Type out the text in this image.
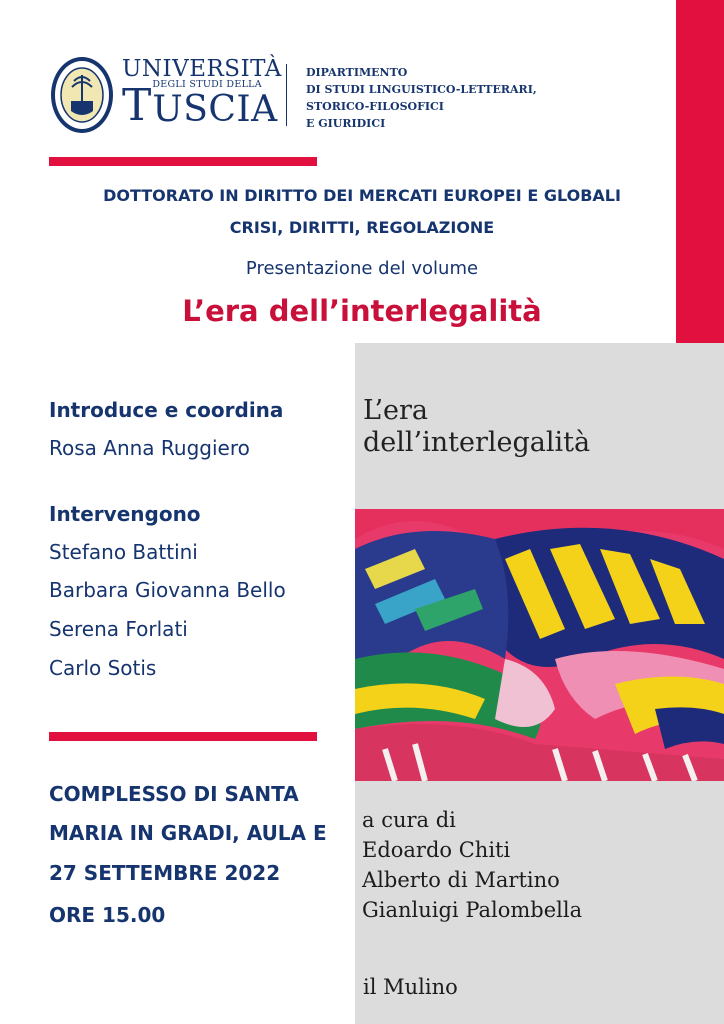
UNIVERSITÀ
T DEGLI STUDI DELLA
USCIA
DIPARTIMENTO
DI STUDI LINGUISTICO-LETTERARI,
STORICO-FILOSOFICI
E GIURIDICI
DOTTORATO IN DIRITTO DEI MERCATI EUROPEI E GLOBALI
CRISI, DIRITTI, REGOLAZIONE
Presentazione del volume
L’era dell’interlegalità
Introduce e coordina
Rosa Anna Ruggiero
Intervengono
Stefano Battini
Barbara Giovanna Bello
Serena Forlati
Carlo Sotis
COMPLESSO DI SANTA
MARIA IN GRADI, AULA E
27 SETTEMBRE 2022
ORE 15.00
L’era
dell’interlegalità
a cura di
Edoardo Chiti
Alberto di Martino
Gianluigi Palombella
il Mulino
